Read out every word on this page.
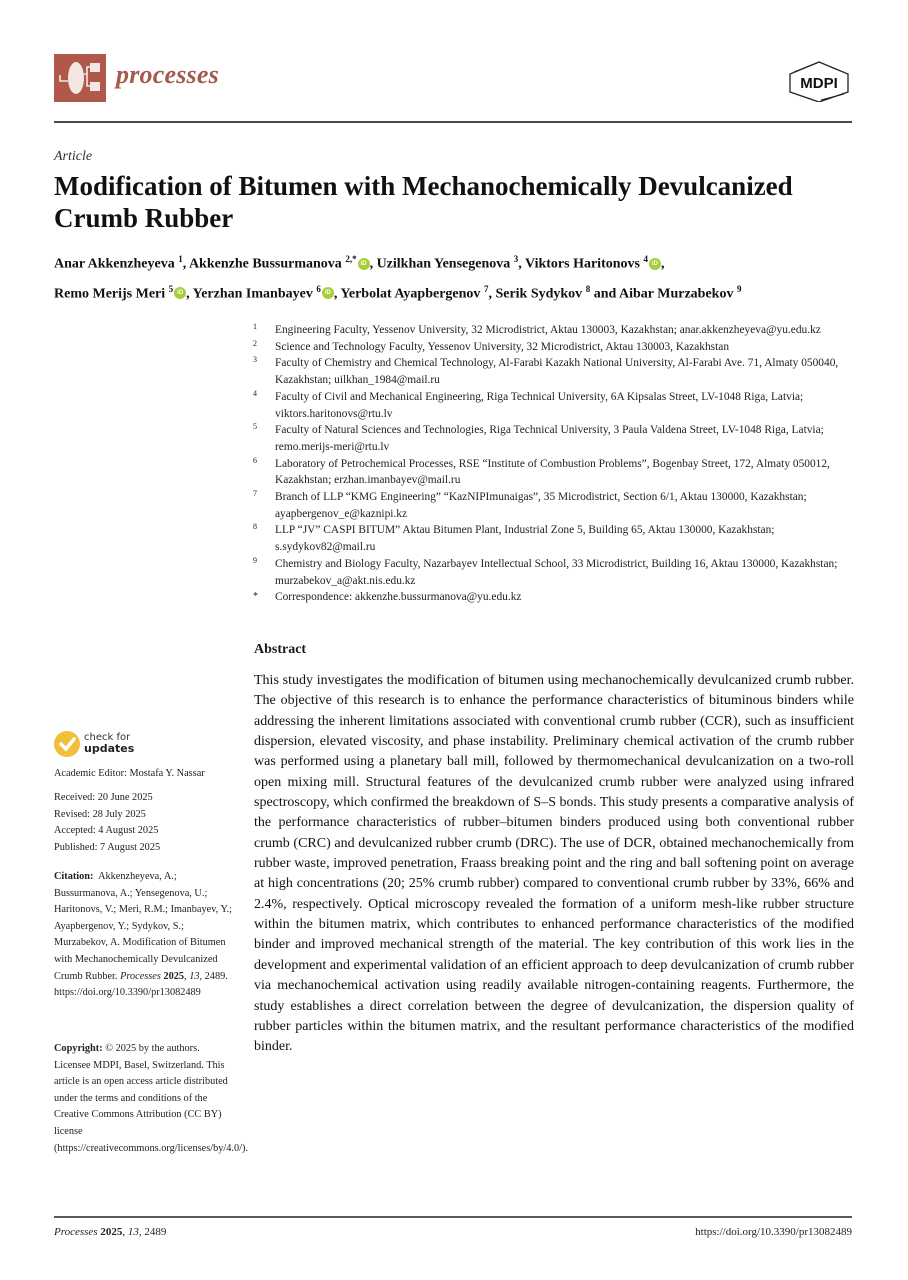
processes	MDPI
Article
Modification of Bitumen with Mechanochemically Devulcanized
Crumb Rubber
Anar Akkenzheyeva $^1$, Akkenzhe Bussurmanova $^{2,*}$ iD , Uzilkhan Yensegenova $^3$, Viktors Haritonovs $^4$ iD ,
Remo Merijs Meri $^5$ iD , Yerzhan Imanbayev $^6$ iD , Yerbolat Ayapbergenov $^7$, Serik Sydykov $^8$ and Aibar Murzabekov $^9$
1 Engineering Faculty, Yessenov University, 32 Microdistrict, Aktau 130003, Kazakhstan; anar.akkenzheyeva@yu.edu.kz
2 Science and Technology Faculty, Yessenov University, 32 Microdistrict, Aktau 130003, Kazakhstan
3 Faculty of Chemistry and Chemical Technology, Al-Farabi Kazakh National University, Al-Farabi Ave. 71, Almaty 050040, Kazakhstan; uilkhan_1984@mail.ru
4 Faculty of Civil and Mechanical Engineering, Riga Technical University, 6A Kipsalas Street, LV-1048 Riga, Latvia; viktors.haritonovs@rtu.lv
5 Faculty of Natural Sciences and Technologies, Riga Technical University, 3 Paula Valdena Street, LV-1048 Riga, Latvia; remo.merijs-meri@rtu.lv
6 Laboratory of Petrochemical Processes, RSE “Institute of Combustion Problems”, Bogenbay Street, 172, Almaty 050012, Kazakhstan; erzhan.imanbayev@mail.ru
7 Branch of LLP “KMG Engineering” “KazNIPImunaigas”, 35 Microdistrict, Section 6/1, Aktau 130000, Kazakhstan; ayapbergenov_e@kaznipi.kz
8 LLP “JV” CASPI BITUM” Aktau Bitumen Plant, Industrial Zone 5, Building 65, Aktau 130000, Kazakhstan; s.sydykov82@mail.ru
9 Chemistry and Biology Faculty, Nazarbayev Intellectual School, 33 Microdistrict, Building 16, Aktau 130000, Kazakhstan; murzabekov_a@akt.nis.edu.kz
* Correspondence: akkenzhe.bussurmanova@yu.edu.kz
Abstract
This study investigates the modification of bitumen using mechanochemically devulcanized crumb rubber. The objective of this research is to enhance the performance characteristics of bituminous binders while addressing the inherent limitations associated with conventional crumb rubber (CCR), such as insufficient dispersion, elevated viscosity, and phase instability. Preliminary chemical activation of the crumb rubber was performed using a planetary ball mill, followed by thermomechanical devulcanization on a two-roll open mixing mill. Structural features of the devulcanized crumb rubber were analyzed using infrared spectroscopy, which confirmed the breakdown of S–S bonds. This study presents a comparative analysis of the performance characteristics of rubber–bitumen binders produced using both conventional rubber crumb (CRC) and devulcanized rubber crumb (DRC). The use of DCR, obtained mechanochemically from rubber waste, improved penetration, Fraass breaking point and the ring and ball softening point on average at high concentrations (20; 25% crumb rubber) compared to conventional crumb rubber by 33%, 66% and 2.4%, respectively. Optical microscopy revealed the formation of a uniform mesh-like rubber structure within the bitumen matrix, which contributes to enhanced performance characteristics of the modified binder and improved mechanical strength of the material. The key contribution of this work lies in the development and experimental validation of an efficient approach to deep devulcanization of crumb rubber via mechanochemical activation using readily available nitrogen-containing reagents. Furthermore, the study establishes a direct correlation between the degree of devulcanization, the dispersion quality of rubber particles within the bitumen matrix, and the resultant performance characteristics of the modified binder.
check for
updates
Academic Editor: Mostafa Y. Nassar
Received: 20 June 2025
Revised: 28 July 2025
Accepted: 4 August 2025
Published: 7 August 2025
Citation: Akkenzheyeva, A.; Bussurmanova, A.; Yensegenova, U.; Haritonovs, V.; Meri, R.M.; Imanbayev, Y.; Ayapbergenov, Y.; Sydykov, S.; Murzabekov, A. Modification of Bitumen with Mechanochemically Devulcanized Crumb Rubber. Processes 2025, 13, 2489. https://doi.org/10.3390/pr13082489
Copyright: © 2025 by the authors. Licensee MDPI, Basel, Switzerland. This article is an open access article distributed under the terms and conditions of the Creative Commons Attribution (CC BY) license (https://creativecommons.org/licenses/by/4.0/).
Processes 2025, 13, 2489	https://doi.org/10.3390/pr13082489
